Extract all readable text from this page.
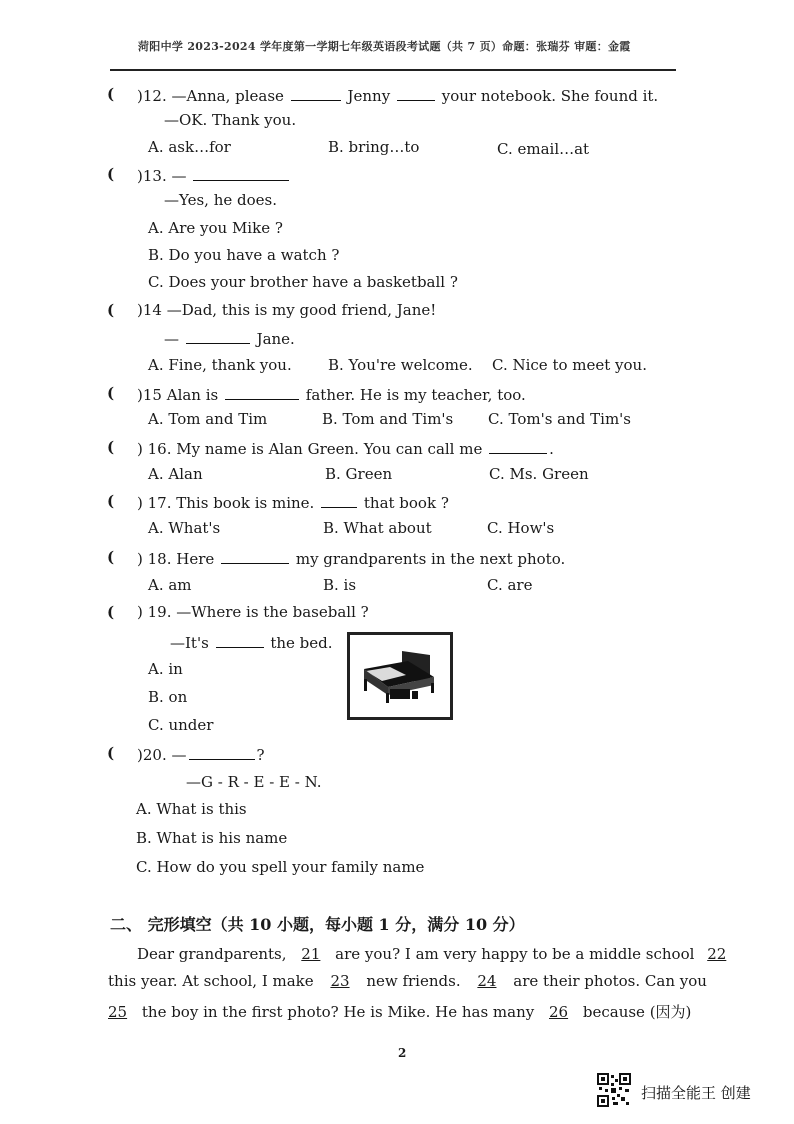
菏阳中学 2023-2024 学年度第一学期七年级英语段考试题（共 7 页）命题：张瑞芬 审题：金霞
( )12. —Anna, please	Jenny	your notebook. She found it.
—OK. Thank you.
A. ask…for	B. bring…to	C. email…at
( )13. —
—Yes, he does.
A. Are you Mike ?
B. Do you have a watch ?
C. Does your brother have a basketball ?
( )14 —Dad, this is my good friend, Jane!
—	Jane.
A. Fine, thank you. B. You're welcome. C. Nice to meet you.
( )15 Alan is	father. He is my teacher, too.
A. Tom and Tim	B. Tom and Tim's C. Tom's and Tim's
( ) 16. My name is Alan Green. You can call me	.
A. Alan	B. Green	C. Ms. Green
( ) 17. This book is mine.	that book ?
A. What's	B. What about	C. How's
( ) 18. Here	my grandparents in the next photo.
A. am	B. is	C. are
( ) 19. —Where is the baseball ?
—It's	the bed.
A. in
B. on
C. under
( )20. —	?
—G - R - E - E - N.
A. What is this
B. What is his name
C. How do you spell your family name
二、 完形填空（共 10 小题，每小题 1 分，满分 10 分）
Dear grandparents, 21 are you? I am very happy to be a middle school 22
this year. At school, I make 23 new friends. 24 are their photos. Can you
25 the boy in the first photo? He is Mike. He has many 26 because (因为)
2
扫描全能王 创建
